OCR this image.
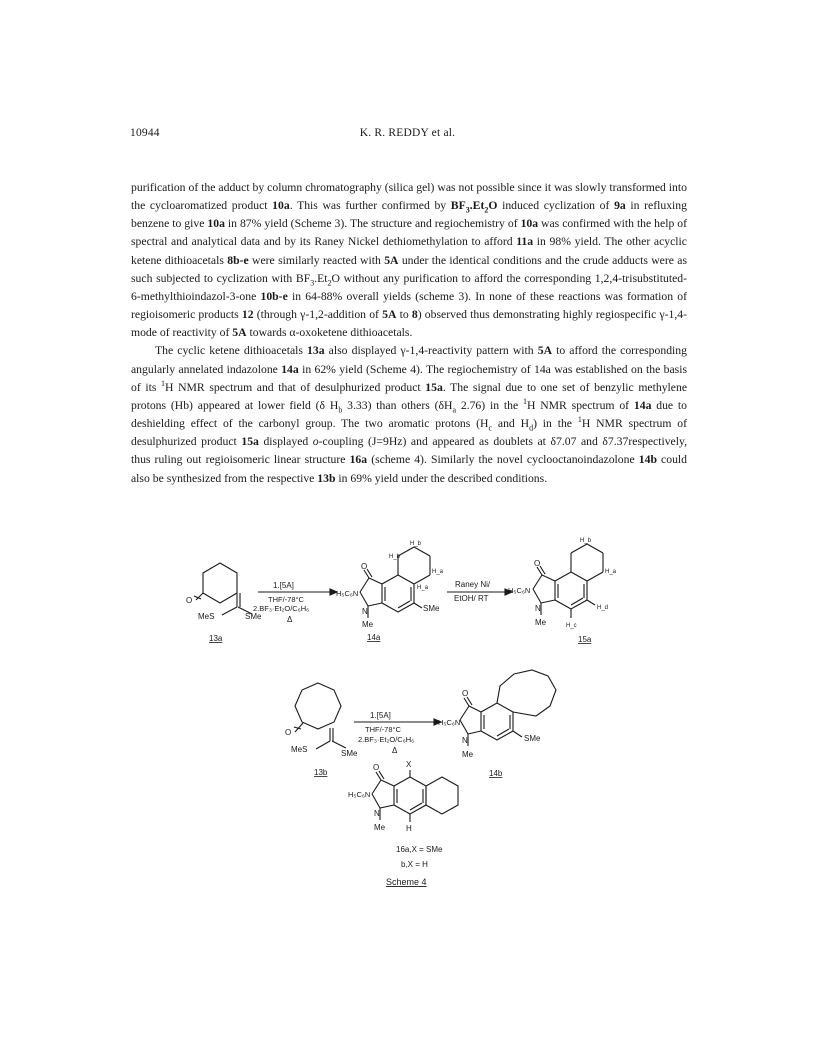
10944	K. R. REDDY et al.

purification of the adduct by column chromatography (silica gel) was not possible since it was slowly transformed into the cycloaromatized product 10a. This was further confirmed by $BF_3.Et_2O$ induced cyclization of 9a in refluxing benzene to give 10a in 87% yield (Scheme 3). The structure and regiochemistry of 10a was confirmed with the help of spectral and analytical data and by its Raney Nickel dethiomethylation to afford 11a in 98% yield. The other acyclic ketene dithioacetals 8b-e were similarly reacted with 5A under the identical conditions and the crude adducts were as such subjected to cyclization with $BF_3.Et_2O$ without any purification to afford the corresponding 1,2,4-trisubstituted-6-methylthioindazol-3-one 10b-e in 64-88% overall yields (scheme 3). In none of these reactions was formation of regioisomeric products 12 (through γ-1,2-addition of 5A to 8) observed thus demonstrating highly regiospecific γ-1,4-mode of reactivity of 5A towards α-oxoketene dithioacetals.

The cyclic ketene dithioacetals 13a also displayed γ-1,4-reactivity pattern with 5A to afford the corresponding angularly annelated indazolone 14a in 62% yield (Scheme 4). The regiochemistry of 14a was established on the basis of its $^1$H NMR spectrum and that of desulphurized product 15a. The signal due to one set of benzylic methylene protons (Hb) appeared at lower field (δ $H_b$ 3.33) than others ($\delta H_a$ 2.76) in the $^1$H NMR spectrum of 14a due to deshielding effect of the carbonyl group. The two aromatic protons ($H_c$ and $H_d$) in the $^1$H NMR spectrum of desulphurized product 15a displayed o-coupling (J=9Hz) and appeared as doublets at δ7.07 and δ7.37respectively, thus ruling out regioisomeric linear structure 16a (scheme 4). Similarly the novel cyclooctanoindazolone 14b could also be synthesized from the respective 13b in 69% yield under the described conditions.

O
MeS	SMe
13a
1.[5A]
THF/-78°C
2.BF₃·Et₂O/C₆H₆
Δ
O
H₅C₆N
N
Me
SMe
H_b
H_b
H_a
H_a
14a
Raney Ni/
EtOH/ RT
O
H₅C₆N
N
Me	H_c
H_d
H_a
H_b
15a
O
MeS	SMe
13b
1.[5A]
THF/-78°C
2.BF₃·Et₂O/C₆H₆
Δ
O
H₅C₆N
N
Me
SMe
14b
O	X
H₅C₆N
N
Me	H
16a,X = SMe
b,X = H
Scheme 4
